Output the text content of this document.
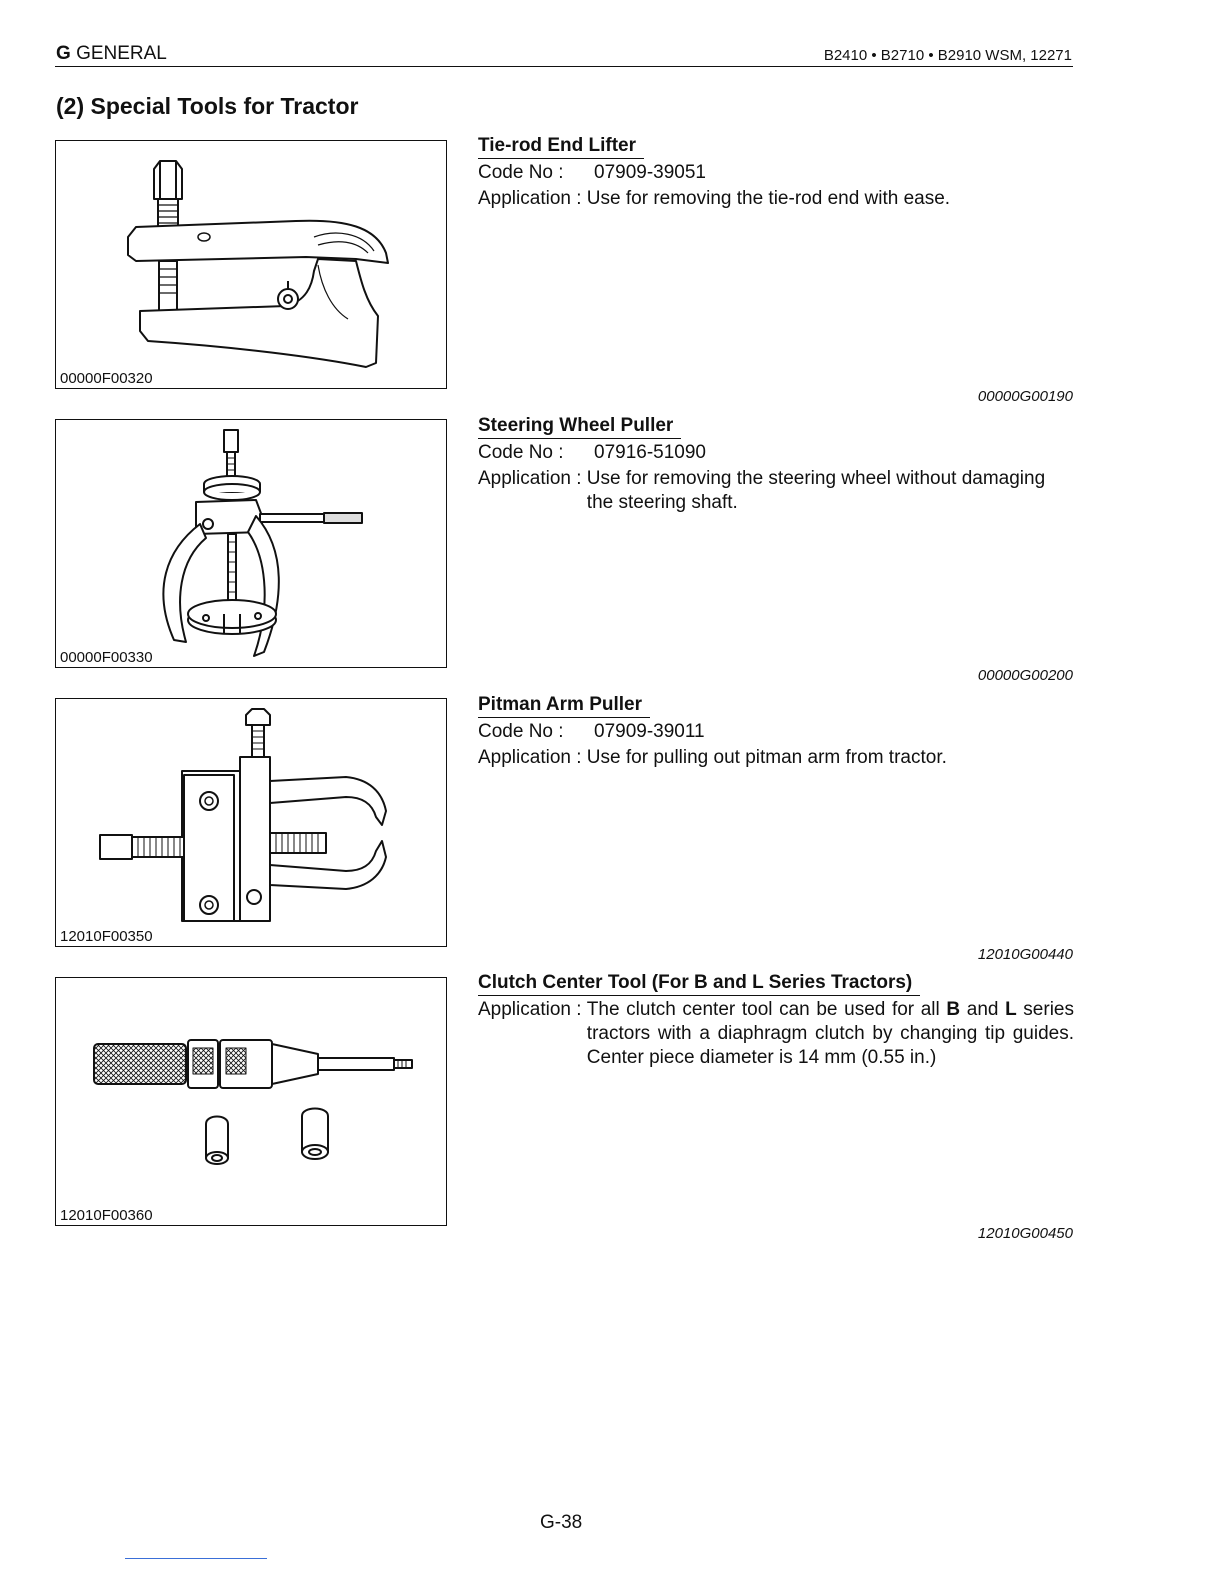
G GENERAL	B2410 • B2710 • B2910 WSM, 12271
(2) Special Tools for Tractor
00000F00320
00000F00330
12010F00350
12010F00360
Tie-rod End Lifter
Code No :	07909-39051
Application :
Use for removing the tie-rod end with ease.
00000G00190
Steering Wheel Puller
Code No :	07916-51090
Application :
Use for removing the steering wheel without damaging the steering shaft.
00000G00200
Pitman Arm Puller
Code No :	07909-39011
Application :
Use for pulling out pitman arm from tractor.
12010G00440
Clutch Center Tool (For B and L Series Tractors)
Application :
The clutch center tool can be used for all B and L series tractors with a diaphragm clutch by changing tip guides. Center piece diameter is 14 mm (0.55 in.)
12010G00450
G-38
